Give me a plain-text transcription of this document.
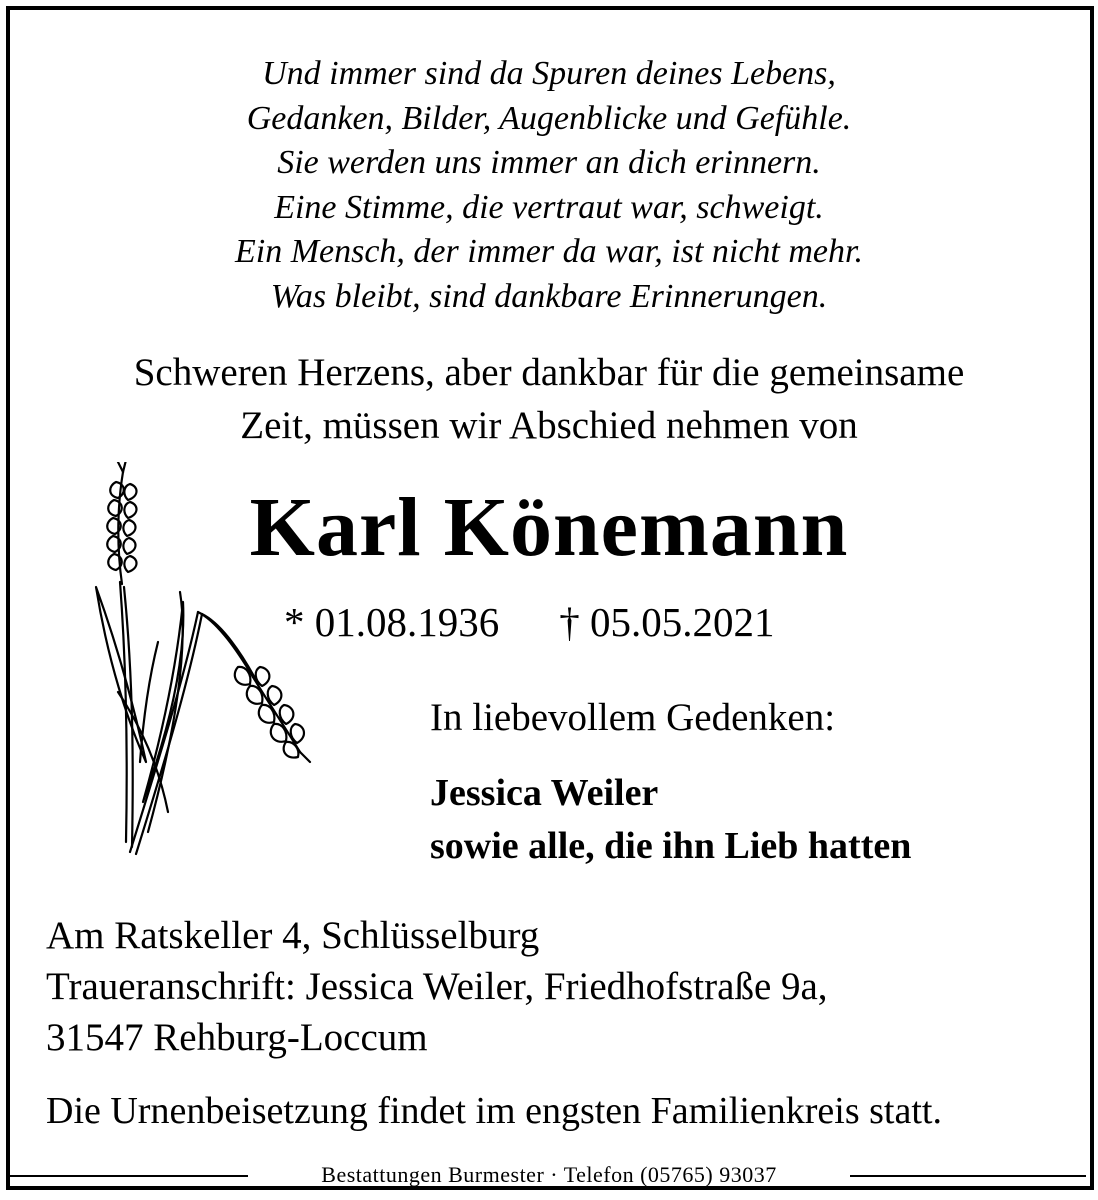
Und immer sind da Spuren deines Lebens,
Gedanken, Bilder, Augenblicke und Gefühle.
Sie werden uns immer an dich erinnern.
Eine Stimme, die vertraut war, schweigt.
Ein Mensch, der immer da war, ist nicht mehr.
Was bleibt, sind dankbare Erinnerungen.
Schweren Herzens, aber dankbar für die gemeinsame
Zeit, müssen wir Abschied nehmen von
Karl Könemann
* 01.08.1936 † 05.05.2021
In liebevollem Gedenken:
Jessica Weiler
sowie alle, die ihn Lieb hatten
Am Ratskeller 4, Schlüsselburg
Traueranschrift: Jessica Weiler, Friedhofstraße 9a,
31547 Rehburg-Loccum
Die Urnenbeisetzung findet im engsten Familienkreis statt.
Bestattungen Burmester · Telefon (05765) 93037
